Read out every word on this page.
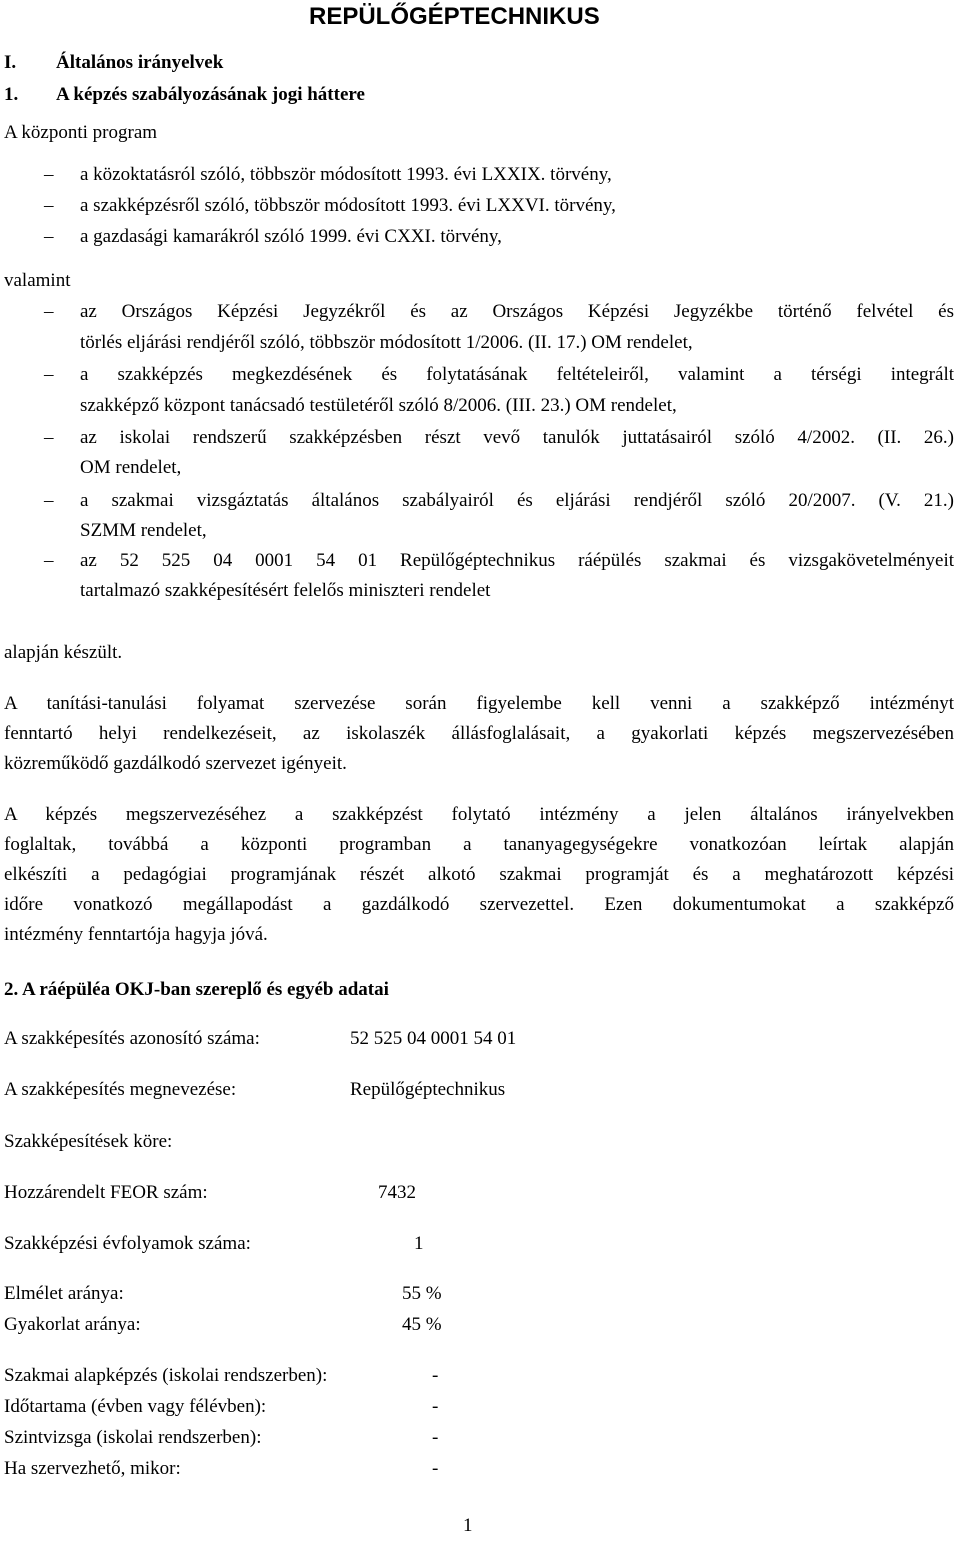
REPÜLŐGÉPTECHNIKUS
I. Általános irányelvek
1. A képzés szabályozásának jogi háttere
A központi program
– a közoktatásról szóló, többször módosított 1993. évi LXXIX. törvény,
– a szakképzésről szóló, többször módosított 1993. évi LXXVI. törvény,
– a gazdasági kamarákról szóló 1999. évi CXXI. törvény,
valamint
– az Országos Képzési Jegyzékről és az Országos Képzési Jegyzékbe történő felvétel és
törlés eljárási rendjéről szóló, többször módosított 1/2006. (II. 17.) OM rendelet,
– a szakképzés megkezdésének és folytatásának feltételeiről, valamint a térségi integrált
szakképző központ tanácsadó testületéről szóló 8/2006. (III. 23.) OM rendelet,
– az iskolai rendszerű szakképzésben részt vevő tanulók juttatásairól szóló 4/2002. (II. 26.)
OM rendelet,
– a szakmai vizsgáztatás általános szabályairól és eljárási rendjéről szóló 20/2007. (V. 21.)
SZMM rendelet,
– az 52 525 04 0001 54 01 Repülőgéptechnikus ráépülés szakmai és vizsgakövetelményeit
tartalmazó szakképesítésért felelős miniszteri rendelet
alapján készült.
A tanítási-tanulási folyamat szervezése során figyelembe kell venni a szakképző intézményt
fenntartó helyi rendelkezéseit, az iskolaszék állásfoglalásait, a gyakorlati képzés megszervezésében
közreműködő gazdálkodó szervezet igényeit.
A képzés megszervezéséhez a szakképzést folytató intézmény a jelen általános irányelvekben
foglaltak, továbbá a központi programban a tananyagegységekre vonatkozóan leírtak alapján
elkészíti a pedagógiai programjának részét alkotó szakmai programját és a meghatározott képzési
időre vonatkozó megállapodást a gazdálkodó szervezettel. Ezen dokumentumokat a szakképző
intézmény fenntartója hagyja jóvá.
2. A ráépüléa OKJ-ban szereplő és egyéb adatai
A szakképesítés azonosító száma:	52 525 04 0001 54 01
A szakképesítés megnevezése:	Repülőgéptechnikus
Szakképesítések köre:
Hozzárendelt FEOR szám:	7432
Szakképzési évfolyamok száma:	1
Elmélet aránya:	55 %
Gyakorlat aránya:	45 %
Szakmai alapképzés (iskolai rendszerben):	-
Időtartama (évben vagy félévben):	-
Szintvizsga (iskolai rendszerben):	-
Ha szervezhető, mikor:	-
1
